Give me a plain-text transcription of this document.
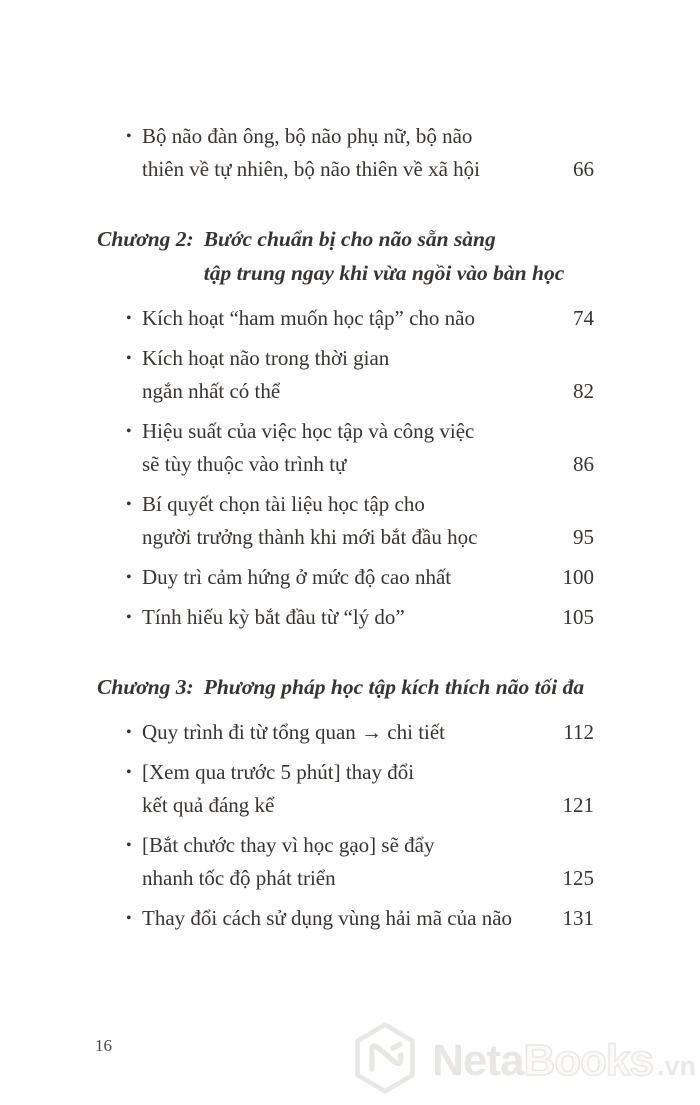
• Bộ não đàn ông, bộ não phụ nữ, bộ não
thiên về tự nhiên, bộ não thiên về xã hội	66
Chương 2: Bước chuẩn bị cho não sẵn sàng
tập trung ngay khi vừa ngồi vào bàn học
• Kích hoạt “ham muốn học tập” cho não	74
• Kích hoạt não trong thời gian
ngắn nhất có thể	82
• Hiệu suất của việc học tập và công việc
sẽ tùy thuộc vào trình tự	86
• Bí quyết chọn tài liệu học tập cho
người trưởng thành khi mới bắt đầu học	95
• Duy trì cảm hứng ở mức độ cao nhất	100
• Tính hiếu kỳ bắt đầu từ “lý do”	105
Chương 3: Phương pháp học tập kích thích não tối đa
• Quy trình đi từ tổng quan → chi tiết	112
• [Xem qua trước 5 phút] thay đổi
kết quả đáng kể	121
• [Bắt chước thay vì học gạo] sẽ đẩy
nhanh tốc độ phát triển	125
• Thay đổi cách sử dụng vùng hải mã của não	131
16	Neta Books .vn
